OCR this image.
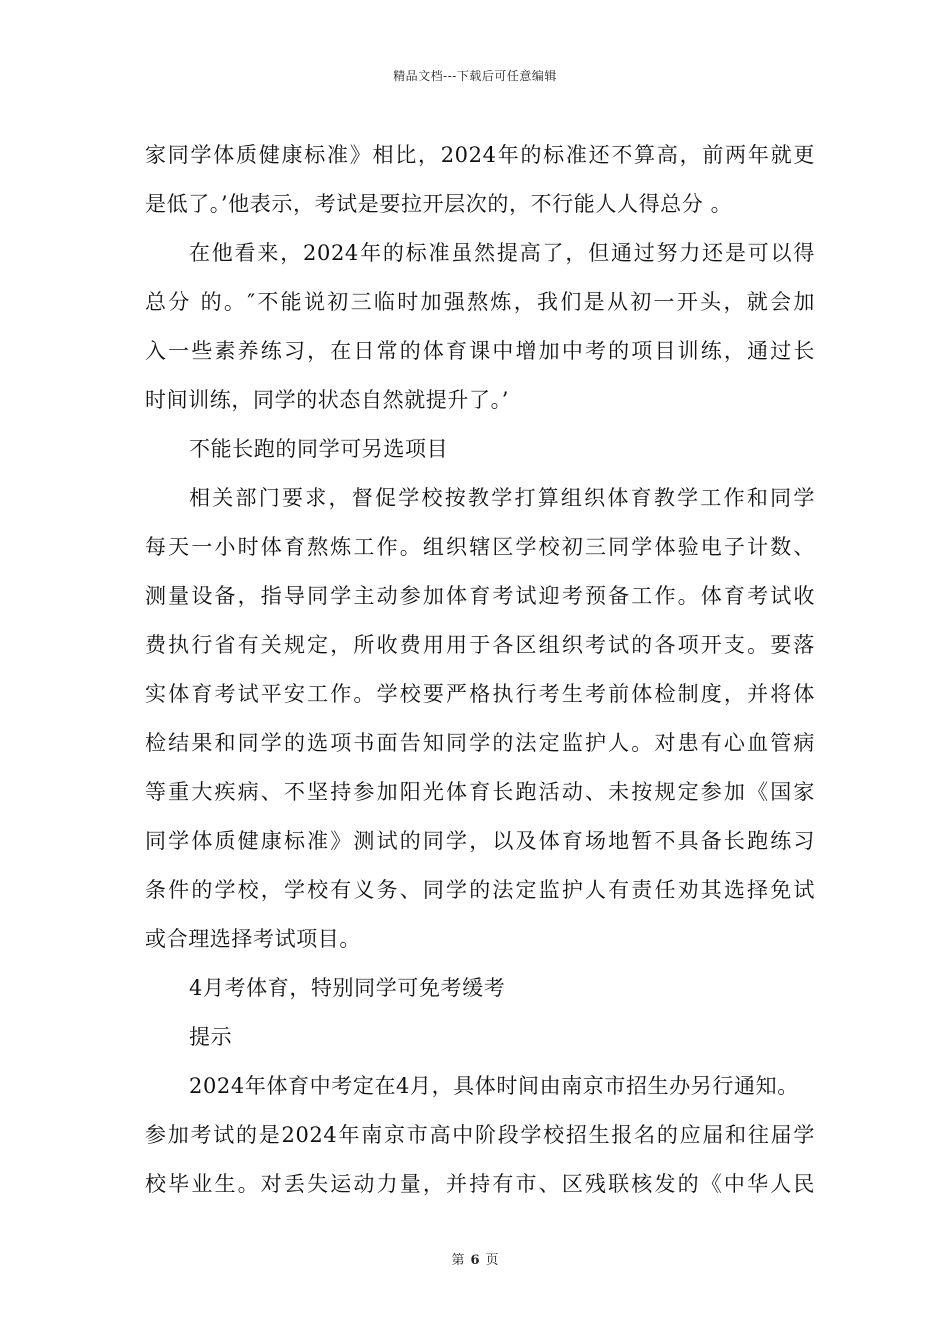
精品文档---下载后可任意编辑
家同学体质健康标准》相比，2024年的标准还不算高，前两年就更
是低了。’他表示，考试是要拉开层次的，不行能人人得总分 。
在他看来，2024年的标准虽然提高了，但通过努力还是可以得
总分 的。″不能说初三临时加强熬炼，我们是从初一开头，就会加
入一些素养练习，在日常的体育课中增加中考的项目训练，通过长
时间训练，同学的状态自然就提升了。’
不能长跑的同学可另选项目
相关部门要求，督促学校按教学打算组织体育教学工作和同学
每天一小时体育熬炼工作。组织辖区学校初三同学体验电子计数、
测量设备，指导同学主动参加体育考试迎考预备工作。体育考试收
费执行省有关规定，所收费用用于各区组织考试的各项开支。要落
实体育考试平安工作。学校要严格执行考生考前体检制度，并将体
检结果和同学的选项书面告知同学的法定监护人。对患有心血管病
等重大疾病、不坚持参加阳光体育长跑活动、未按规定参加《国家
同学体质健康标准》测试的同学，以及体育场地暂不具备长跑练习
条件的学校，学校有义务、同学的法定监护人有责任劝其选择免试
或合理选择考试项目。
4月考体育，特别同学可免考缓考
提示
2024年体育中考定在4月，具体时间由南京市招生办另行通知。
参加考试的是2024年南京市高中阶段学校招生报名的应届和往届学
校毕业生。对丢失运动力量，并持有市、区残联核发的《中华人民
第 6 页
